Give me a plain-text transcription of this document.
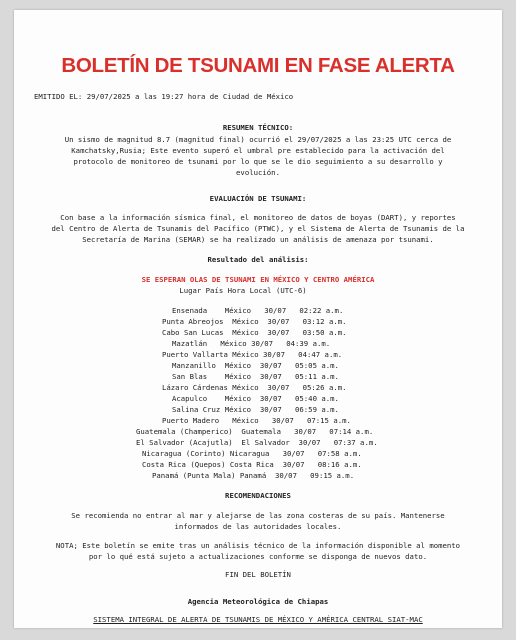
BOLETÍN DE TSUNAMI EN FASE ALERTA
EMITIDO EL: 29/07/2025 a las 19:27 hora de Ciudad de México
RESUMEN TÉCNICO:
Un sismo de magnitud 8.7 (magnitud final) ocurrió el 29/07/2025 a las 23:25 UTC cerca de
Kamchatsky,Rusia; Este evento superó el umbral pre establecido para la activación del
protocolo de monitoreo de tsunami por lo que se le dio seguimiento a su desarrollo y
evolución.
EVALUACIÓN DE TSUNAMI:
Con base a la información sísmica final, el monitoreo de datos de boyas (DART), y reportes
del Centro de Alerta de Tsunamis del Pacífico (PTWC), y el Sistema de Alerta de Tsunamis de la
Secretaría de Marina (SEMAR) se ha realizado un análisis de amenaza por tsunami.
Resultado del análisis:
SE ESPERAN OLAS DE TSUNAMI EN MÉXICO Y CENTRO AMÉRICA
Lugar País Hora Local (UTC-6)
Ensenada    México   30/07   02:22 a.m.
Punta Abreojos  México  30/07   03:12 a.m.
Cabo San Lucas  México  30/07   03:50 a.m.
Mazatlán   México 30/07   04:39 a.m.
Puerto Vallarta México 30/07   04:47 a.m.
Manzanillo  México  30/07   05:05 a.m.
San Blas    México  30/07   05:11 a.m.
Lázaro Cárdenas México  30/07   05:26 a.m.
Acapulco    México  30/07   05:40 a.m.
Salina Cruz México  30/07   06:59 a.m.
Puerto Madero   México   30/07   07:15 a.m.
Guatemala (Champerico)  Guatemala   30/07   07:14 a.m.
El Salvador (Acajutla)  El Salvador  30/07   07:37 a.m.
Nicaragua (Corinto) Nicaragua   30/07   07:58 a.m.
Costa Rica (Quepos) Costa Rica  30/07   08:16 a.m.
Panamá (Punta Mala) Panamá  30/07   09:15 a.m.
RECOMENDACIONES
Se recomienda no entrar al mar y alejarse de las zona costeras de su país. Mantenerse
informados de las autoridades locales.
NOTA; Este boletín se emite tras un análisis técnico de la información disponible al momento
por lo qué está sujeto a actualizaciones conforme se disponga de nuevos dato.
FIN DEL BOLETÍN
Agencia Meteorológica de Chiapas
SISTEMA INTEGRAL DE ALERTA DE TSUNAMIS DE MÉXICO Y AMÉRICA CENTRAL SIAT-MAC
